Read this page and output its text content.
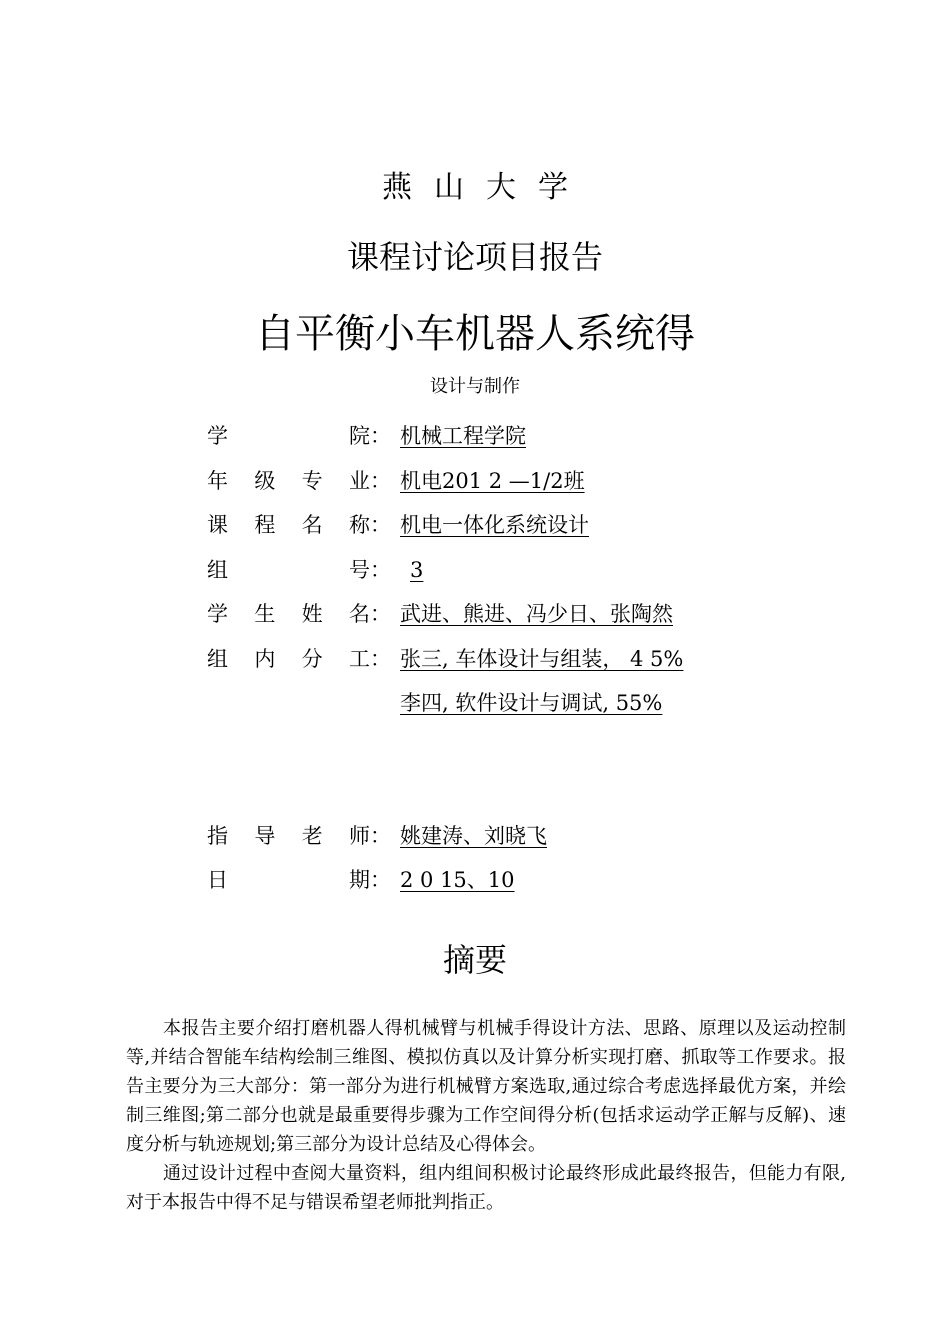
燕山大学
课程讨论项目报告
自平衡小车机器人系统得
设计与制作
学	院 ： 机械工程学院
年 级 专 业 ： 机电201 2 —1/2班
课 程 名 称 ： 机电一体化系统设计
组	号 ： 3
学 生 姓 名 ： 武进、熊进、冯少日、张陶然
组 内 分 工 ： 张三, 车体设计与组装， 4 5%
李四, 软件设计与调试, 55%
指 导 老 师 ： 姚建涛、刘晓飞
日	期 ： 2 0 15、10
摘要

本报告主要介绍打磨机器人得机械臂与机械手得设计方法、思路、原理以及运动控制等,并结合智能车结构绘制三维图、模拟仿真以及计算分析实现打磨、抓取等工作要求。报告主要分为三大部分：第一部分为进行机械臂方案选取,通过综合考虑选择最优方案，并绘制三维图;第二部分也就是最重要得步骤为工作空间得分析(包括求运动学正解与反解)、速度分析与轨迹规划;第三部分为设计总结及心得体会。

通过设计过程中查阅大量资料，组内组间积极讨论最终形成此最终报告，但能力有限,对于本报告中得不足与错误希望老师批判指正。
